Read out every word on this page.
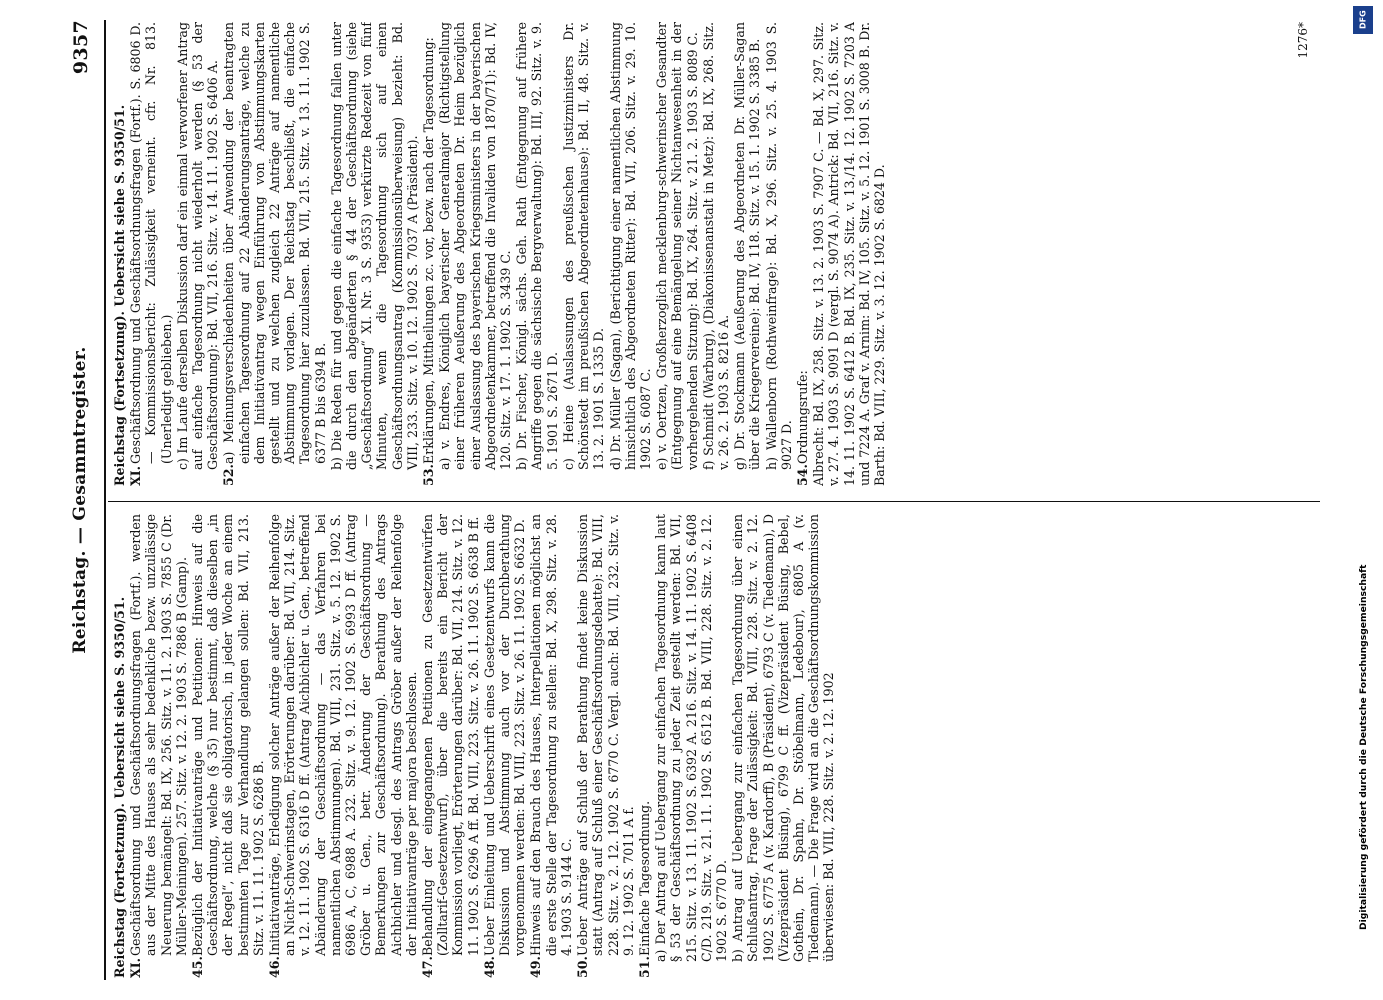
Reichstag. — Gesammtregister.
9357

Reichstag (Fortsetzung). Uebersicht siehe S. 9350/51. XI.Geschäftsordnung und Geschäftsordnungsfragen (Fortf.). werden aus der Mitte des Hauses als sehr bedenkliche bezw. unzulässige Neuerung bemängelt: Bd. IX, 256. Sitz. v. 11. 2. 1903 S. 7855 C (Dr. Müller-Meiningen). 257. Sitz. v. 12. 2. 1903 S. 7886 B (Gamp).

45.Bezüglich der Initiativanträge und Petitionen: Hinweis auf die Geschäftsordnung, welche (§ 35) nur bestimmt, daß dieselben „in der Regel“, nicht daß sie obligatorisch, in jeder Woche an einem bestimmten Tage zur Verhandlung gelangen sollen: Bd. VII, 213. Sitz. v. 11. 11. 1902 S. 6286 B.

46.Initiativanträge, Erledigung solcher Anträge außer der Reihenfolge an Nicht-Schwerinstagen, Erörterungen darüber: Bd. VII, 214. Sitz. v. 12. 11. 1902 S. 6316 D ff. (Antrag Aichbichler u. Gen., betreffend Abänderung der Geschäftsordnung — das Verfahren bei namentlichen Abstimmungen). Bd. VIII, 231. Sitz. v. 5. 12. 1902 S. 6986 A, C, 6988 A. 232. Sitz. v. 9. 12. 1902 S. 6993 D ff. (Antrag Gröber u. Gen., betr. Änderung der Geschäftsordnung — Bemerkungen zur Geschäftsordnung). Berathung des Antrags Aichbichler und desgl. des Antrags Gröber außer der Reihenfolge der Initiativanträge per majora beschlossen.

47.Behandlung der eingegangenen Petitionen zu Gesetzentwürfen (Zolltarif-Gesetzentwurf), über die bereits ein Bericht der Kommission vorliegt, Erörterungen darüber: Bd. VII, 214. Sitz. v. 12. 11. 1902 S. 6296 A ff. Bd. VIII, 223. Sitz. v. 26. 11. 1902 S. 6638 B ff.

48.Ueber Einleitung und Ueberschrift eines Gesetzentwurfs kann die Diskussion und Abstimmung auch vor der Durchberathung vorgenommen werden: Bd. VIII, 223. Sitz. v. 26. 11. 1902 S. 6632 D.

49.Hinweis auf den Brauch des Hauses, Interpellationen möglichst an die erste Stelle der Tagesordnung zu stellen: Bd. X, 298. Sitz. v. 28. 4. 1903 S. 9144 C.

50.Ueber Anträge auf Schluß der Berathung findet keine Diskussion statt (Antrag auf Schluß einer Geschäftsordnungsdebatte): Bd. VIII, 228. Sitz. v. 2. 12. 1902 S. 6770 C. Vergl. auch: Bd. VIII, 232. Sitz. v. 9. 12. 1902 S. 7011 A f.

51.Einfache Tagesordnung. a) Der Antrag auf Uebergang zur einfachen Tagesordnung kann laut § 53 der Geschäftsordnung zu jeder Zeit gestellt werden: Bd. VII, 215. Sitz. v. 13. 11. 1902 S. 6392 A. 216. Sitz. v. 14. 11. 1902 S. 6408 C/D. 219. Sitz. v. 21. 11. 1902 S. 6512 B. Bd. VIII, 228. Sitz. v. 2. 12. 1902 S. 6770 D. b) Antrag auf Uebergang zur einfachen Tagesordnung über einen Schlußantrag, Frage der Zulässigkeit: Bd. VIII, 228. Sitz. v. 2. 12. 1902 S. 6775 A (v. Kardorff), B (Präsident), 6793 C (v. Tiedemann), D (Vizepräsident Büsing), 6799 C ff. (Vizepräsident Büsing, Bebel, Gothein, Dr. Spahn, Dr. Stöbelmann, Ledebour), 6805 A (v. Tiedemann). — Die Frage wird an die Geschäftsordnungskommission überwiesen: Bd. VIII, 228. Sitz. v. 2. 12. 1902

Reichstag (Fortsetzung). Uebersicht siehe S. 9350/51. XI.Geschäftsordnung und Geschäftsordnungsfragen (Fortf.). S. 6806 D. — Kommissionsbericht: Zulässigkeit verneint. cfr. Nr. 813. (Unerledigt geblieben.) c) Im Laufe derselben Diskussion darf ein einmal verworfener Antrag auf einfache Tagesordnung nicht wiederholt werden (§ 53 der Geschäftsordnung): Bd. VII, 216. Sitz. v. 14. 11. 1902 S. 6406 A.

52.a) Meinungsverschiedenheiten über Anwendung der beantragten einfachen Tagesordnung auf 22 Abänderungsanträge, welche zu dem Initiativantrag wegen Einführung von Abstimmungskarten gestellt und zu welchen zugleich 22 Anträge auf namentliche Abstimmung vorlagen. Der Reichstag beschließt, die einfache Tagesordnung hier zuzulassen. Bd. VII, 215. Sitz. v. 13. 11. 1902 S. 6377 B bis 6394 B. b) Die Reden für und gegen die einfache Tagesordnung fallen unter die durch den abgeänderten § 44 der Geschäftsordnung (siehe „Geschäftsordnung“ XI. Nr. 3 S. 9353) verkürzte Redezeit von fünf Minuten, wenn die Tagesordnung sich auf einen Geschäftsordnungsantrag (Kommissionsüberweisung) bezieht: Bd. VIII, 233. Sitz. v. 10. 12. 1902 S. 7037 A (Präsident).

53.Erklärungen, Mittheilungen zc. vor, bezw. nach der Tagesordnung: a) v. Endres, Königlich bayerischer Generalmajor (Richtigstellung einer früheren Aeußerung des Abgeordneten Dr. Heim bezüglich einer Auslassung des bayerischen Kriegsministers in der bayerischen Abgeordnetenkammer, betreffend die Invaliden von 1870/71): Bd. IV, 120. Sitz. v. 17. 1. 1902 S. 3439 C. b) Dr. Fischer, Königl. sächs. Geh. Rath (Entgegnung auf frühere Angriffe gegen die sächsische Bergverwaltung): Bd. III, 92. Sitz. v. 9. 5. 1901 S. 2671 D. c) Heine (Auslassungen des preußischen Justizministers Dr. Schönstedt im preußischen Abgeordnetenhause): Bd. II, 48. Sitz. v. 13. 2. 1901 S. 1335 D. d) Dr. Müller (Sagan), (Berichtigung einer namentlichen Abstimmung hinsichtlich des Abgeordneten Ritter): Bd. VII, 206. Sitz. v. 29. 10. 1902 S. 6087 C. e) v. Oertzen, Großherzoglich mecklenburg-schwerinscher Gesandter (Entgegnung auf eine Bemängelung seiner Nichtanwesenheit in der vorhergehenden Sitzung): Bd. IX, 264. Sitz. v. 21. 2. 1903 S. 8089 C. f) Schmidt (Warburg), (Diakonissenanstalt in Metz): Bd. IX, 268. Sitz. v. 26. 2. 1903 S. 8216 A. g) Dr. Stockmann (Aeußerung des Abgeordneten Dr. Müller-Sagan über die Kriegervereine): Bd. IV, 118. Sitz. v. 15. 1. 1902 S. 3385 B. h) Wallenborn (Rothweinfrage): Bd. X, 296. Sitz. v. 25. 4. 1903 S. 9027 D.

54.Ordnungsrufe: Albrecht: Bd. IX, 258. Sitz. v. 13. 2. 1903 S. 7907 C. — Bd. X, 297. Sitz. v. 27. 4. 1903 S. 9091 D (vergl. S. 9074 A). Antrick: Bd. VII, 216. Sitz. v. 14. 11. 1902 S. 6412 B. Bd. IX, 235. Sitz. v. 13./14. 12. 1902 S. 7203 A und 7224 A. Graf v. Arnim: Bd. IV, 105. Sitz. v. 5. 12. 1901 S. 3008 B. Dr. Barth: Bd. VIII, 229. Sitz. v. 3. 12. 1902 S. 6824 D.

1276*
DFG
Digitalisierung gefördert durch die Deutsche Forschungsgemeinschaft
